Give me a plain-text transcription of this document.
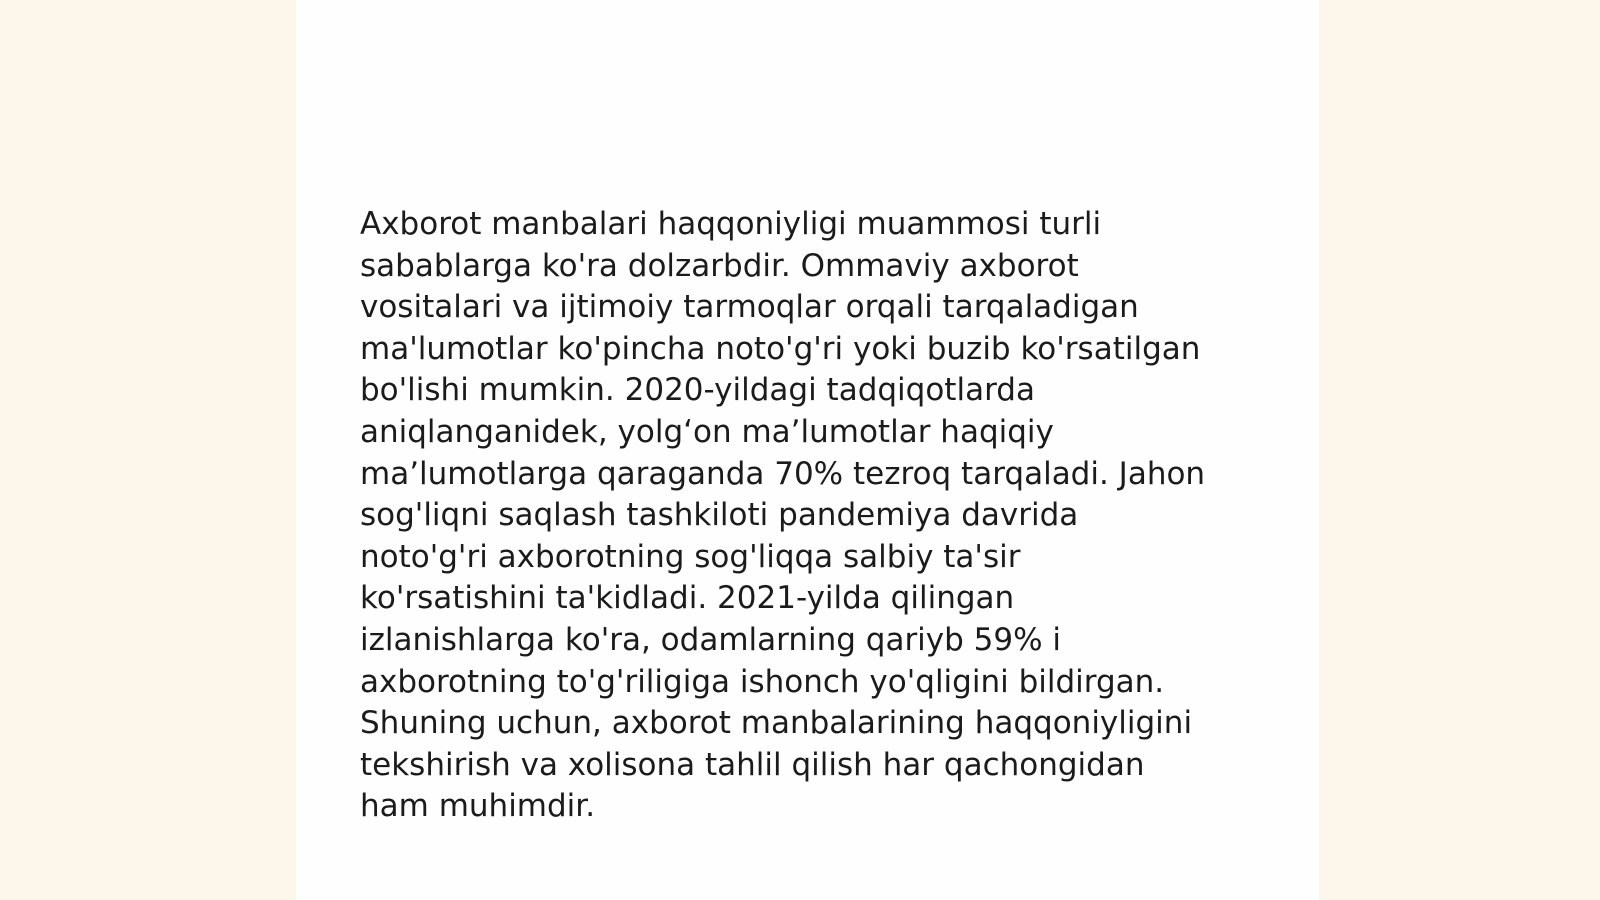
Axborot manbalari haqqoniyligi muammosi turli
sabablarga ko'ra dolzarbdir. Ommaviy axborot
vositalari va ijtimoiy tarmoqlar orqali tarqaladigan
ma'lumotlar ko'pincha noto'g'ri yoki buzib ko'rsatilgan
bo'lishi mumkin. 2020-yildagi tadqiqotlarda
aniqlanganidek, yolg‘on ma’lumotlar haqiqiy
ma’lumotlarga qaraganda 70% tezroq tarqaladi. Jahon
sog'liqni saqlash tashkiloti pandemiya davrida
noto'g'ri axborotning sog'liqqa salbiy ta'sir
ko'rsatishini ta'kidladi. 2021-yilda qilingan
izlanishlarga ko'ra, odamlarning qariyb 59% i
axborotning to'g'riligiga ishonch yo'qligini bildirgan.
Shuning uchun, axborot manbalarining haqqoniyligini
tekshirish va xolisona tahlil qilish har qachongidan
ham muhimdir.
